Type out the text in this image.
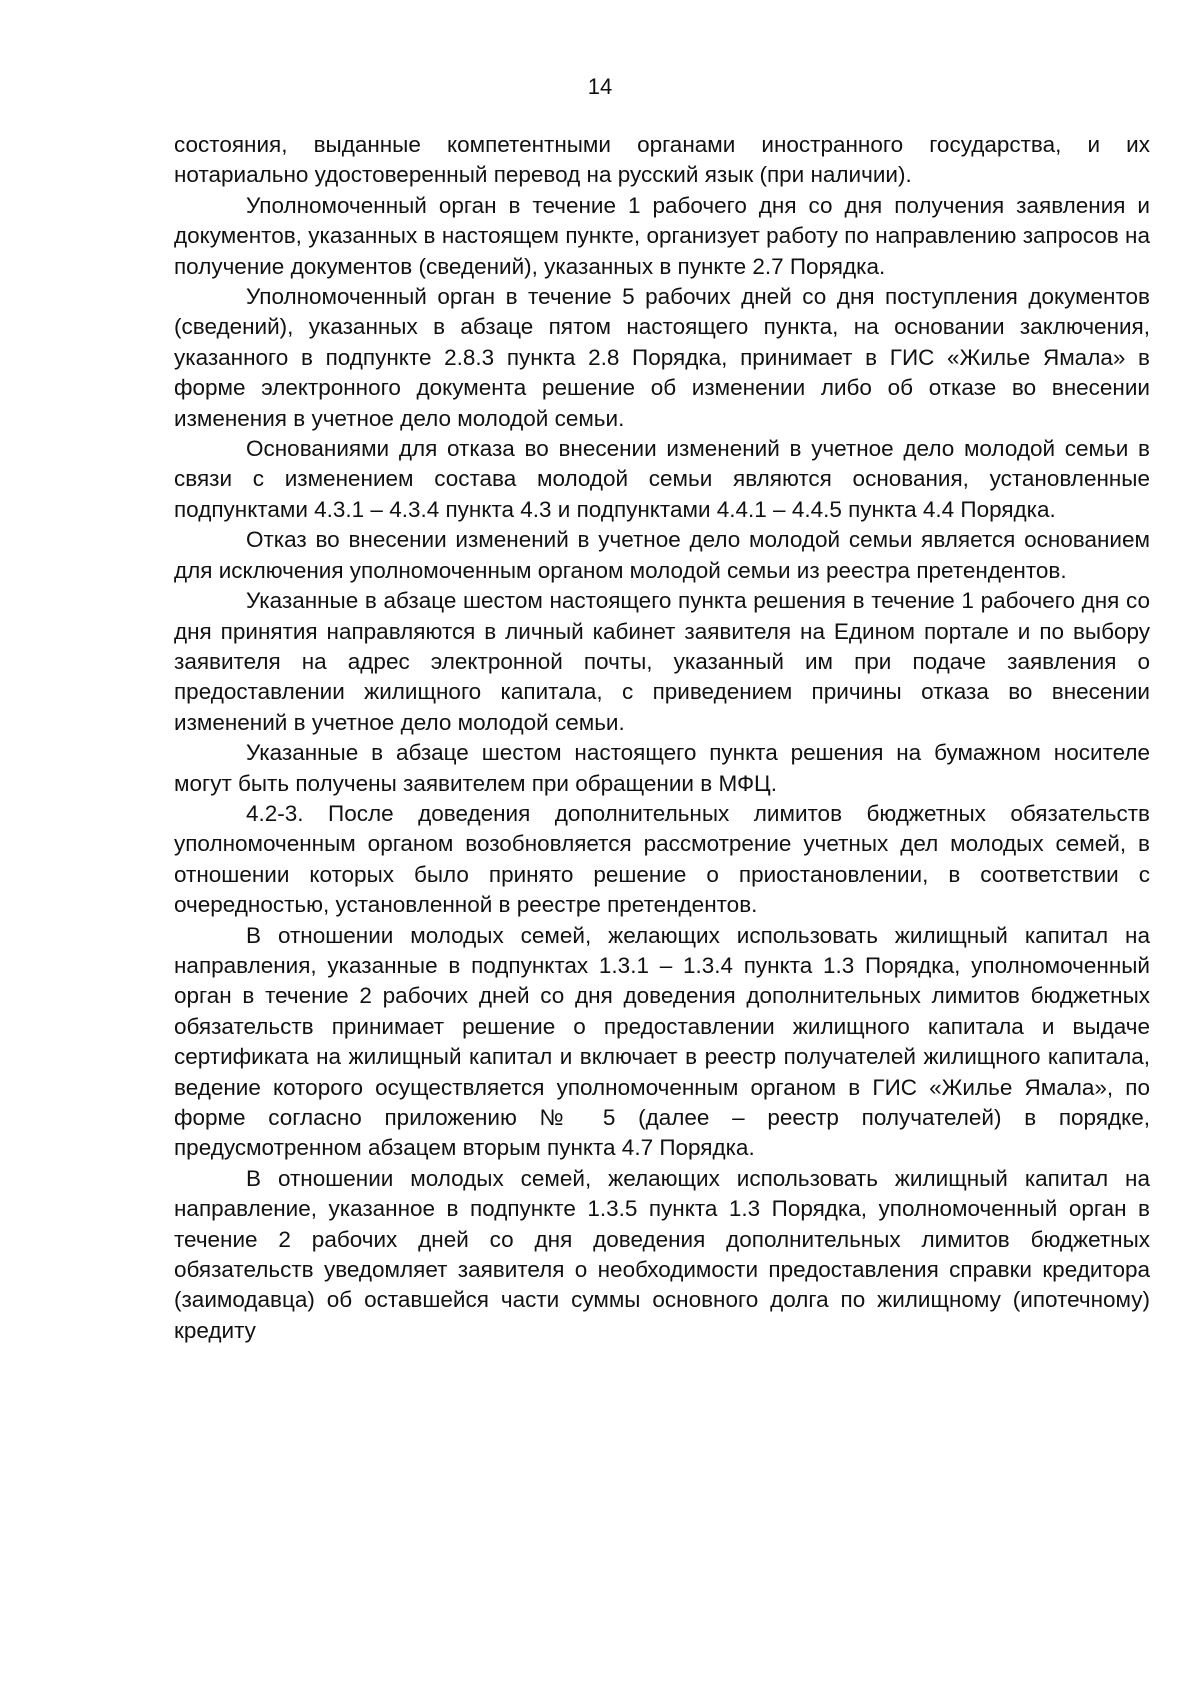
14

состояния, выданные компетентными органами иностранного государства, и их нотариально удостоверенный перевод на русский язык (при наличии).

Уполномоченный орган в течение 1 рабочего дня со дня получения заявления и документов, указанных в настоящем пункте, организует работу по направлению запросов на получение документов (сведений), указанных в пункте 2.7 Порядка.

Уполномоченный орган в течение 5 рабочих дней со дня поступления документов (сведений), указанных в абзаце пятом настоящего пункта, на основании заключения, указанного в подпункте 2.8.3 пункта 2.8 Порядка, принимает в ГИС «Жилье Ямала» в форме электронного документа решение об изменении либо об отказе во внесении изменения в учетное дело молодой семьи.

Основаниями для отказа во внесении изменений в учетное дело молодой семьи в связи с изменением состава молодой семьи являются основания, установленные подпунктами 4.3.1 – 4.3.4 пункта 4.3 и подпунктами 4.4.1 – 4.4.5 пункта 4.4 Порядка.

Отказ во внесении изменений в учетное дело молодой семьи является основанием для исключения уполномоченным органом молодой семьи из реестра претендентов.

Указанные в абзаце шестом настоящего пункта решения в течение 1 рабочего дня со дня принятия направляются в личный кабинет заявителя на Едином портале и по выбору заявителя на адрес электронной почты, указанный им при подаче заявления о предоставлении жилищного капитала, с приведением причины отказа во внесении изменений в учетное дело молодой семьи.

Указанные в абзаце шестом настоящего пункта решения на бумажном носителе могут быть получены заявителем при обращении в МФЦ.

4.2-3. После доведения дополнительных лимитов бюджетных обязательств уполномоченным органом возобновляется рассмотрение учетных дел молодых семей, в отношении которых было принято решение о приостановлении, в соответствии с очередностью, установленной в реестре претендентов.

В отношении молодых семей, желающих использовать жилищный капитал на направления, указанные в подпунктах 1.3.1 – 1.3.4 пункта 1.3 Порядка, уполномоченный орган в течение 2 рабочих дней со дня доведения дополнительных лимитов бюджетных обязательств принимает решение о предоставлении жилищного капитала и выдаче сертификата на жилищный капитал и включает в реестр получателей жилищного капитала, ведение которого осуществляется уполномоченным органом в ГИС «Жилье Ямала», по форме согласно приложению № 5 (далее – реестр получателей) в порядке, предусмотренном абзацем вторым пункта 4.7 Порядка.

В отношении молодых семей, желающих использовать жилищный капитал на направление, указанное в подпункте 1.3.5 пункта 1.3 Порядка, уполномоченный орган в течение 2 рабочих дней со дня доведения дополнительных лимитов бюджетных обязательств уведомляет заявителя о необходимости предоставления справки кредитора (заимодавца) об оставшейся части суммы основного долга по жилищному (ипотечному) кредиту
